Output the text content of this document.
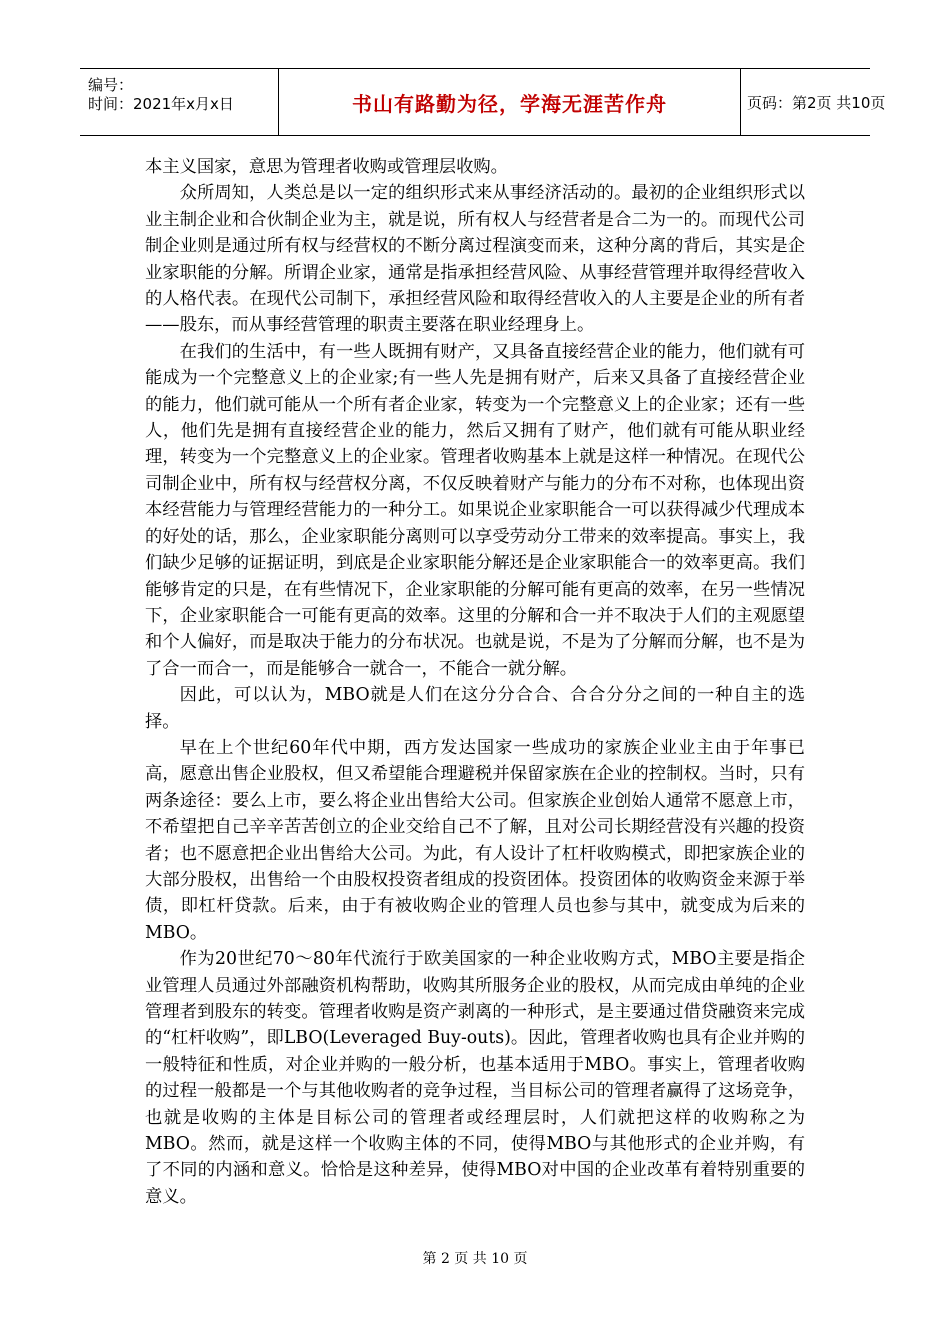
编号：
时间：2021年x月x日	书山有路勤为径，学海无涯苦作舟	页码：第2页 共10页

本主义国家，意思为管理者收购或管理层收购。

众所周知，人类总是以一定的组织形式来从事经济活动的。最初的企业组织形式以业主制企业和合伙制企业为主，就是说，所有权人与经营者是合二为一的。而现代公司制企业则是通过所有权与经营权的不断分离过程演变而来，这种分离的背后，其实是企业家职能的分解。所谓企业家，通常是指承担经营风险、从事经营管理并取得经营收入的人格代表。在现代公司制下，承担经营风险和取得经营收入的人主要是企业的所有者——股东，而从事经营管理的职责主要落在职业经理身上。

在我们的生活中，有一些人既拥有财产，又具备直接经营企业的能力，他们就有可能成为一个完整意义上的企业家;有一些人先是拥有财产，后来又具备了直接经营企业的能力，他们就可能从一个所有者企业家，转变为一个完整意义上的企业家；还有一些人，他们先是拥有直接经营企业的能力，然后又拥有了财产，他们就有可能从职业经理，转变为一个完整意义上的企业家。管理者收购基本上就是这样一种情况。在现代公司制企业中，所有权与经营权分离，不仅反映着财产与能力的分布不对称，也体现出资本经营能力与管理经营能力的一种分工。如果说企业家职能合一可以获得减少代理成本的好处的话，那么，企业家职能分离则可以享受劳动分工带来的效率提高。事实上，我们缺少足够的证据证明，到底是企业家职能分解还是企业家职能合一的效率更高。我们能够肯定的只是，在有些情况下，企业家职能的分解可能有更高的效率，在另一些情况下，企业家职能合一可能有更高的效率。这里的分解和合一并不取决于人们的主观愿望和个人偏好，而是取决于能力的分布状况。也就是说，不是为了分解而分解，也不是为了合一而合一，而是能够合一就合一，不能合一就分解。

因此，可以认为，MBO就是人们在这分分合合、合合分分之间的一种自主的选择。

早在上个世纪60年代中期，西方发达国家一些成功的家族企业业主由于年事已高，愿意出售企业股权，但又希望能合理避税并保留家族在企业的控制权。当时，只有两条途径：要么上市，要么将企业出售给大公司。但家族企业创始人通常不愿意上市，不希望把自己辛辛苦苦创立的企业交给自己不了解，且对公司长期经营没有兴趣的投资者；也不愿意把企业出售给大公司。为此，有人设计了杠杆收购模式，即把家族企业的大部分股权，出售给一个由股权投资者组成的投资团体。投资团体的收购资金来源于举债，即杠杆贷款。后来，由于有被收购企业的管理人员也参与其中，就变成为后来的MBO。

作为20世纪70～80年代流行于欧美国家的一种企业收购方式，MBO主要是指企业管理人员通过外部融资机构帮助，收购其所服务企业的股权，从而完成由单纯的企业管理者到股东的转变。管理者收购是资产剥离的一种形式，是主要通过借贷融资来完成的“杠杆收购”，即LBO(Leveraged Buy-outs)。因此，管理者收购也具有企业并购的一般特征和性质，对企业并购的一般分析，也基本适用于MBO。事实上，管理者收购的过程一般都是一个与其他收购者的竞争过程，当目标公司的管理者赢得了这场竞争，也就是收购的主体是目标公司的管理者或经理层时，人们就把这样的收购称之为MBO。然而，就是这样一个收购主体的不同，使得MBO与其他形式的企业并购，有了不同的内涵和意义。恰恰是这种差异，使得MBO对中国的企业改革有着特别重要的意义。

第 2 页 共 10 页
